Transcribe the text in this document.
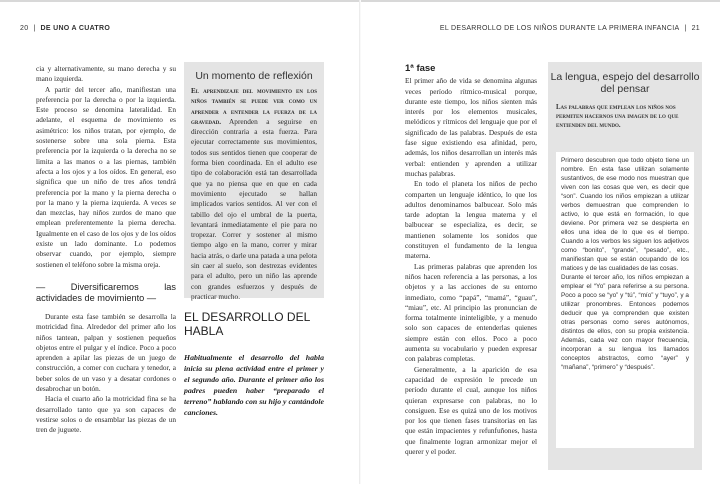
20 | DE UNO A CUATRO	EL DESARROLLO DE LOS NIÑOS DURANTE LA PRIMERA INFANCIA | 21

cia y alternativamente, su mano derecha y su mano izquierda.

A partir del tercer año, manifiestan una preferencia por la derecha o por la izquierda. Este proceso se denomina lateralidad. En adelante, el esquema de movimiento es asimétrico: los niños tratan, por ejemplo, de sostenerse sobre una sola pierna. Esta preferencia por la izquierda o la derecha no se limita a las manos o a las piernas, también afecta a los ojos y a los oídos. En general, eso significa que un niño de tres años tendrá preferencia por la mano y la pierna derecha o por la mano y la pierna izquierda. A veces se dan mezclas, hay niños zurdos de mano que emplean preferentemente la pierna derecha. Igualmente en el caso de los ojos y de los oídos existe un lado dominante. Lo podemos observar cuando, por ejemplo, siempre sostienen el teléfono sobre la misma oreja.

— Diversificaremos las actividades de movimiento —

Durante esta fase también se desarrolla la motricidad fina. Alrededor del primer año los niños tantean, palpan y sostienen pequeños objetos entre el pulgar y el índice. Poco a poco aprenden a apilar las piezas de un juego de construcción, a comer con cuchara y tenedor, a beber solos de un vaso y a desatar cordones o desabrochar un botón.

Hacia el cuarto año la motricidad fina se ha desarrollado tanto que ya son capaces de vestirse solos o de ensamblar las piezas de un tren de juguete.

Un momento de reflexión
El aprendizaje del movimiento en los niños también se puede ver como un aprender a entender la fuerza de la gravedad. Aprenden a seguirse en dirección contraria a esta fuerza. Para ejecutar correctamente sus movimientos, todos sus sentidos tienen que cooperar de forma bien coordinada. En el adulto ese tipo de colaboración está tan desarrollada que ya no piensa que en que en cada movimiento ejecutado se hallan implicados varios sentidos. Al ver con el tabillo del ojo el umbral de la puerta, levantará inmediatamente el pie para no tropezar. Correr y sostener al mismo tiempo algo en la mano, correr y mirar hacia atrás, o darle una patada a una pelota sin caer al suelo, son destrezas evidentes para el adulto, pero un niño las aprende con grandes esfuerzos y después de practicar mucho.
EL DESARROLLO DEL HABLA
Habitualmente el desarrollo del habla inicia su plena actividad entre el primer y el segundo año. Durante el primer año los padres pueden haber “preparado el terreno” hablando con su hijo y cantándole canciones.
1ª fase

El primer año de vida se denomina algunas veces período rítmico-musical porque, durante este tiempo, los niños sienten más interés por los elementos musicales, melódicos y rítmicos del lenguaje que por el significado de las palabras. Después de esta fase sigue existiendo esa afinidad, pero, además, los niños desarrollan un interés más verbal: entienden y aprenden a utilizar muchas palabras.

En todo el planeta los niños de pecho comparten un lenguaje idéntico, lo que los adultos denominamos balbucear. Solo más tarde adoptan la lengua materna y el balbucear se especializa, es decir, se mantienen solamente los sonidos que constituyen el fundamento de la lengua materna.

Las primeras palabras que aprenden los niños hacen referencia a las personas, a los objetos y a las acciones de su entorno inmediato, como “papá”, “mamá”, “guau”, “miau”, etc. Al principio las pronuncian de forma totalmente ininteligible, y a menudo solo son capaces de entenderlas quienes siempre están con ellos. Poco a poco aumenta su vocabulario y pueden expresar con palabras completas.

Generalmente, a la aparición de esa capacidad de expresión le precede un período durante el cual, aunque los niños quieran expresarse con palabras, no lo consiguen. Ese es quizá uno de los motivos por los que tienen fases transitorias en las que están impacientes y refunfuñones, hasta que finalmente logran armonizar mejor el querer y el poder.

La lengua, espejo del desarrollo del pensar
Las palabras que emplean los niños nos permiten hacernos una imagen de lo que entienden del mundo.

Primero descubren que todo objeto tiene un nombre. En esta fase utilizan solamente sustantivos, de ese modo nos muestran que viven con las cosas que ven, es decir que “son”. Cuando los niños empiezan a utilizar verbos demuestran que comprenden lo activo, lo que está en formación, lo que deviene. Por primera vez se despierta en ellos una idea de lo que es el tiempo. Cuando a los verbos les siguen los adjetivos como “bonito”, “grande”, “pesado”, etc., manifiestan que se están ocupando de los matices y de las cualidades de las cosas.

Durante el tercer año, los niños empiezan a emplear el “Yo” para referirse a su persona. Poco a poco se “yo” y “tú”, “mío” y “tuyo”, y a utilizar pronombres. Entonces podemos deducir que ya comprenden que existen otras personas como seres autónomos, distintos de ellos, con su propia existencia. Además, cada vez con mayor frecuencia, incorporan a su lengua los llamados conceptos abstractos, como “ayer” y “mañana”, “primero” y “después”.
